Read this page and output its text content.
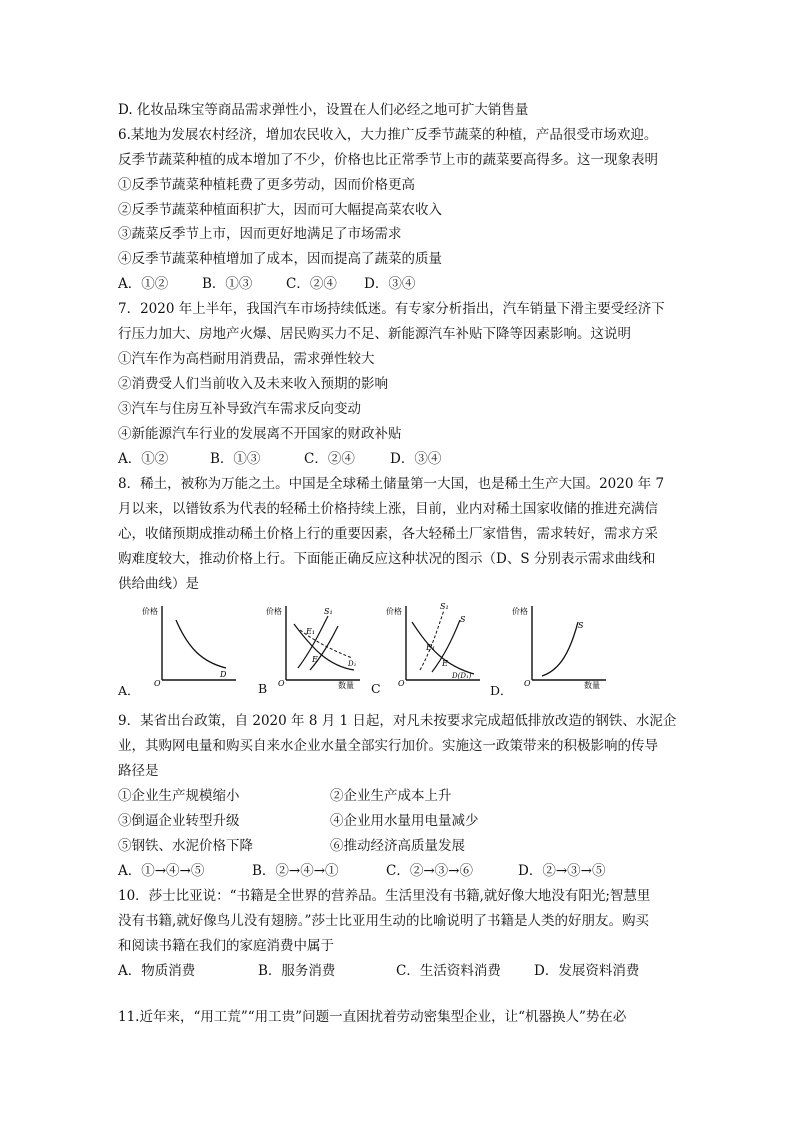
D. 化妆品珠宝等商品需求弹性小，设置在人们必经之地可扩大销售量
6.某地为发展农村经济，增加农民收入，大力推广反季节蔬菜的种植，产品很受市场欢迎。
反季节蔬菜种植的成本增加了不少，价格也比正常季节上市的蔬菜要高得多。这一现象表明
①反季节蔬菜种植耗费了更多劳动，因而价格更高
②反季节蔬菜种植面积扩大，因而可大幅提高菜农收入
③蔬菜反季节上市，因而更好地满足了市场需求
④反季节蔬菜种植增加了成本，因而提高了蔬菜的质量
A．①②	B．①③ C．②④ D．③④
7．2020 年上半年，我国汽车市场持续低迷。有专家分析指出，汽车销量下滑主要受经济下
行压力加大、房地产火爆、居民购买力不足、新能源汽车补贴下降等因素影响。这说明
①汽车作为高档耐用消费品，需求弹性较大
②消费受人们当前收入及未来收入预期的影响
③汽车与住房互补导致汽车需求反向变动
④新能源汽车行业的发展离不开国家的财政补贴
A．①②	B．①③	C．②④	D．③④
8．稀土，被称为万能之土。中国是全球稀土储量第一大国，也是稀土生产大国。2020 年 7
月以来，以镨钕系为代表的轻稀土价格持续上涨，目前，业内对稀土国家收储的推进充满信
心，收储预期成推动稀土价格上行的重要因素，各大轻稀土厂家惜售，需求转好，需求方采
购难度较大，推动价格上行。下面能正确反应这种状况的图示（D、S 分别表示需求曲线和
供给曲线）是
A．
价格
O
D
B
价格	S₁
E₁
E	D₁
O	数量 C
价格
S₁
S
E₁
E
D(D₁)
O	D．
价格
S
O	数量
9．某省出台政策，自 2020 年 8 月 1 日起，对凡未按要求完成超低排放改造的钢铁、水泥企
业，其购网电量和购买自来水企业水量全部实行加价。实施这一政策带来的积极影响的传导
路径是
①企业生产规模缩小	②企业生产成本上升
③倒逼企业转型升级	④企业用水量用电量减少
⑤钢铁、水泥价格下降	⑥推动经济高质量发展
A．①→④→⑤	B．②→④→①	C．②→③→⑥	D．②→③→⑤
10．莎士比亚说：“书籍是全世界的营养品。生活里没有书籍,就好像大地没有阳光;智慧里
没有书籍,就好像鸟儿没有翅膀。”莎士比亚用生动的比喻说明了书籍是人类的好朋友。购买
和阅读书籍在我们的家庭消费中属于
A．物质消费	B．服务消费	C．生活资料消费 D．发展资料消费
11.近年来，“用工荒”“用工贵”问题一直困扰着劳动密集型企业，让“机器换人”势在必
